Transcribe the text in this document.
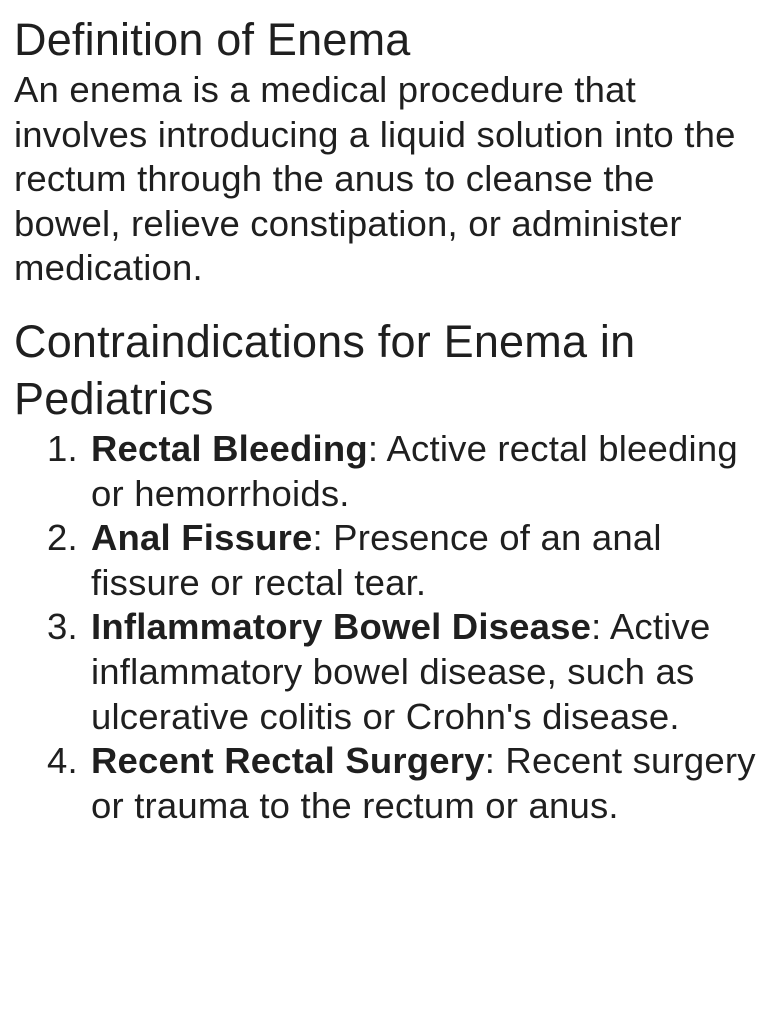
Definition of Enema

An enema is a medical procedure that involves introducing a liquid solution into the rectum through the anus to cleanse the bowel, relieve constipation, or administer medication.

Contraindications for Enema in Pediatrics
1. Rectal Bleeding: Active rectal bleeding or hemorrhoids.
2. Anal Fissure: Presence of an anal fissure or rectal tear.
3. Inflammatory Bowel Disease: Active inflammatory bowel disease, such as ulcerative colitis or Crohn's disease.
4. Recent Rectal Surgery: Recent surgery or trauma to the rectum or anus.
